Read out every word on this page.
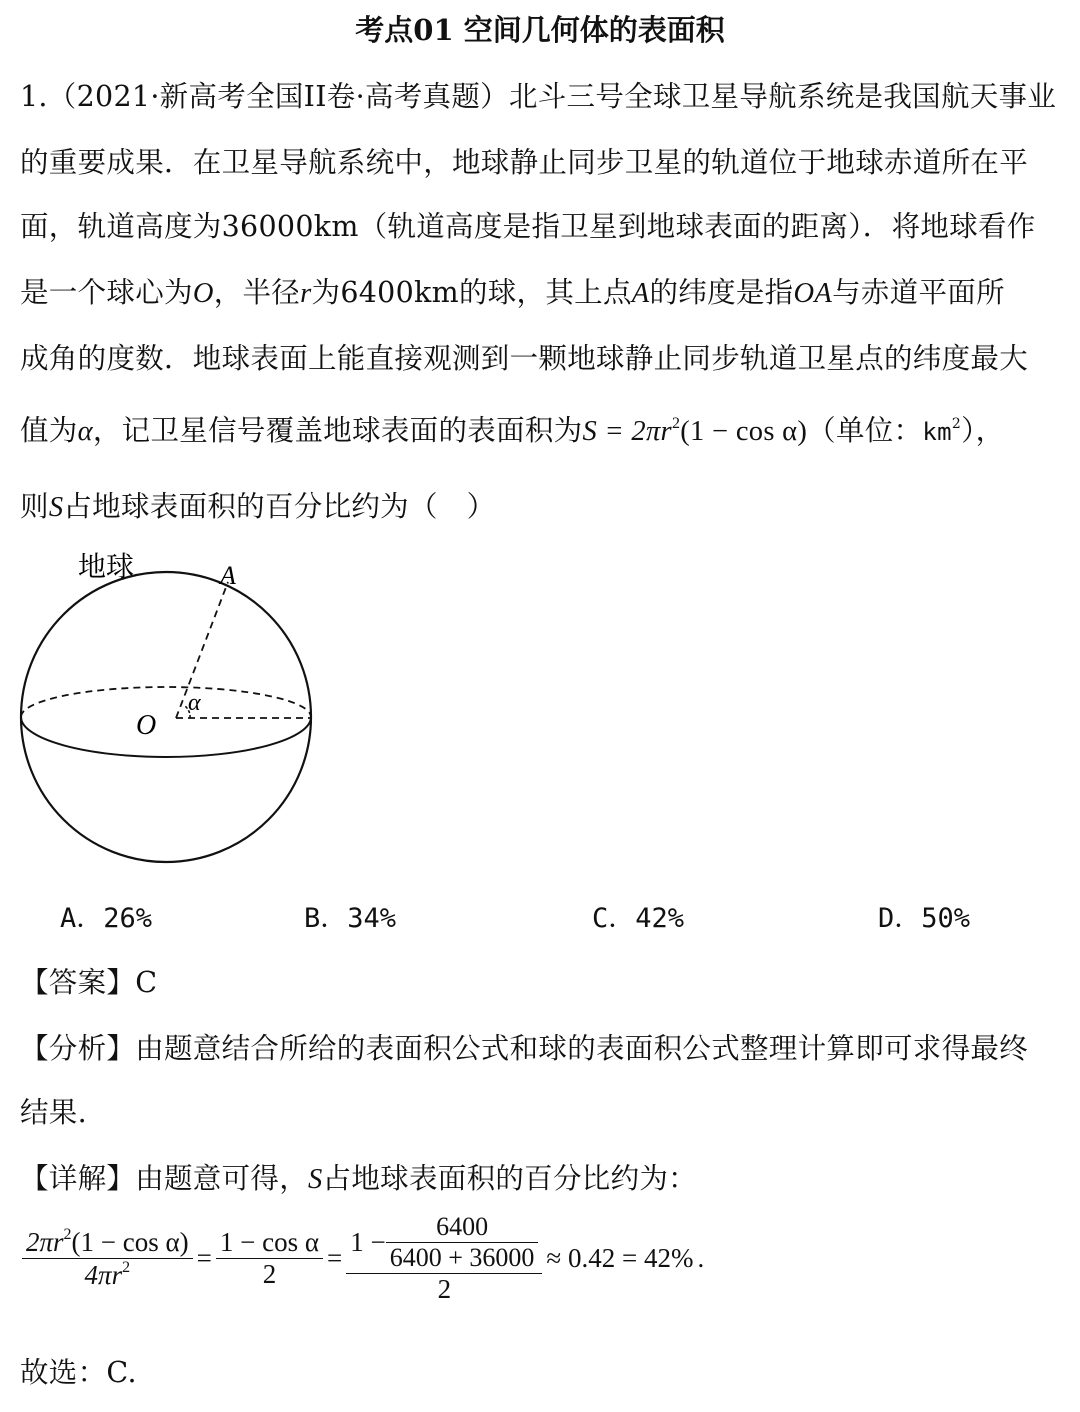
考点01 空间几何体的表面积
1.（2021·新高考全国II卷·高考真题）北斗三号全球卫星导航系统是我国航天事业
的重要成果．在卫星导航系统中，地球静止同步卫星的轨道位于地球赤道所在平
面，轨道高度为36000km（轨道高度是指卫星到地球表面的距离）．将地球看作
是一个球心为O，半径r为6400km的球，其上点A的纬度是指OA与赤道平面所
成角的度数．地球表面上能直接观测到一颗地球静止同步轨道卫星点的纬度最大
值为α，记卫星信号覆盖地球表面的表面积为$S = 2\pi r^2(1 - \cos \alpha)$（单位：$km^2$），
则S占地球表面积的百分比约为（　）
地球	A
O
α
A．26%	B．34%	C．42%	D．50%
【答案】C
【分析】由题意结合所给的表面积公式和球的表面积公式整理计算即可求得最终
结果.
【详解】由题意可得，S占地球表面积的百分比约为：
$\frac{2\pi r^2(1 - \cos \alpha)}{4\pi r^2} = \frac{\text{1 − cos α}}{2} = \frac{1 - \frac{6400}{6400 + 36000}}{2} \approx 0.42 = 42\%$ .
故选：C.
